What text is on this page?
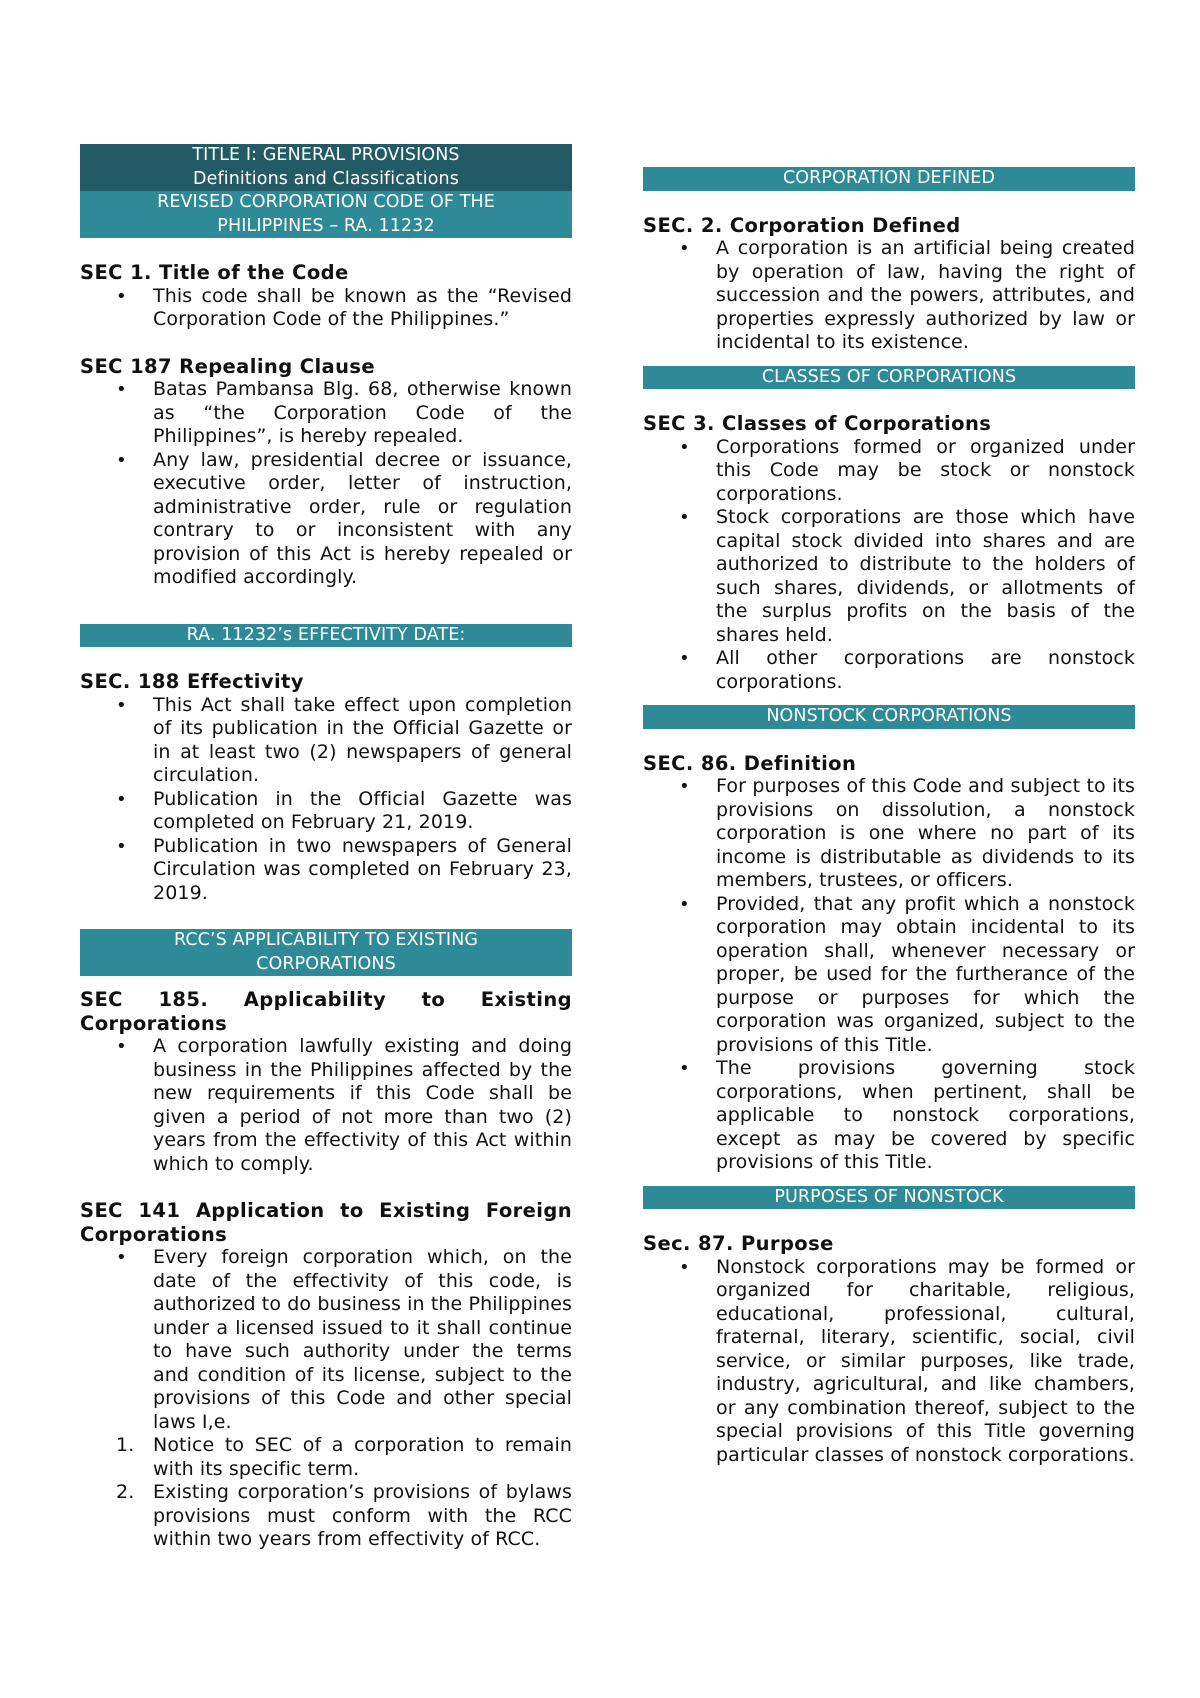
TITLE I: GENERAL PROVISIONS
Definitions and Classifications
REVISED CORPORATION CODE OF THE
PHILIPPINES – RA. 11232

SEC 1. Title of the Code

•	This code shall be known as the “Revised Corporation Code of the Philippines.”

SEC 187 Repealing Clause

•	Batas Pambansa Blg. 68, otherwise known as “the Corporation Code of the Philippines”, is hereby repealed.
•	Any law, presidential decree or issuance, executive order, letter of instruction, administrative order, rule or regulation contrary to or inconsistent with any provision of this Act is hereby repealed or modified accordingly.
RA. 11232’s EFFECTIVITY DATE:

SEC. 188 Effectivity

•	This Act shall take effect upon completion of its publication in the Official Gazette or in at least two (2) newspapers of general circulation.
•	Publication in the Official Gazette was completed on February 21, 2019.
•	Publication in two newspapers of General Circulation was completed on February 23, 2019.
RCC’S APPLICABILITY TO EXISTING
CORPORATIONS

SEC 185. Applicability to Existing Corporations

•	A corporation lawfully existing and doing business in the Philippines affected by the new requirements if this Code shall be given a period of not more than two (2) years from the effectivity of this Act within which to comply.

SEC 141 Application to Existing Foreign Corporations

•	Every foreign corporation which, on the date of the effectivity of this code, is authorized to do business in the Philippines under a licensed issued to it shall continue to have such authority under the terms and condition of its license, subject to the provisions of this Code and other special laws I,e.
1. Notice to SEC of a corporation to remain with its specific term.
2. Existing corporation’s provisions of bylaws provisions must conform with the RCC within two years from effectivity of RCC.
CORPORATION DEFINED

SEC. 2. Corporation Defined

•	A corporation is an artificial being created by operation of law, having the right of succession and the powers, attributes, and properties expressly authorized by law or incidental to its existence.
CLASSES OF CORPORATIONS

SEC 3. Classes of Corporations

•	Corporations formed or organized under this Code may be stock or nonstock corporations.
•	Stock corporations are those which have capital stock divided into shares and are authorized to distribute to the holders of such shares, dividends, or allotments of the surplus profits on the basis of the shares held.
•	All other corporations are nonstock corporations.
NONSTOCK CORPORATIONS

SEC. 86. Definition

•	For purposes of this Code and subject to its provisions on dissolution, a nonstock corporation is one where no part of its income is distributable as dividends to its members, trustees, or officers.
•	Provided, that any profit which a nonstock corporation may obtain incidental to its operation shall, whenever necessary or proper, be used for the furtherance of the purpose or purposes for which the corporation was organized, subject to the provisions of this Title.
•	The provisions governing stock corporations, when pertinent, shall be applicable to nonstock corporations, except as may be covered by specific provisions of this Title.
PURPOSES OF NONSTOCK

Sec. 87. Purpose

•	Nonstock corporations may be formed or organized for charitable, religious, educational, professional, cultural, fraternal, literary, scientific, social, civil service, or similar purposes, like trade, industry, agricultural, and like chambers, or any combination thereof, subject to the special provisions of this Title governing particular classes of nonstock corporations.
